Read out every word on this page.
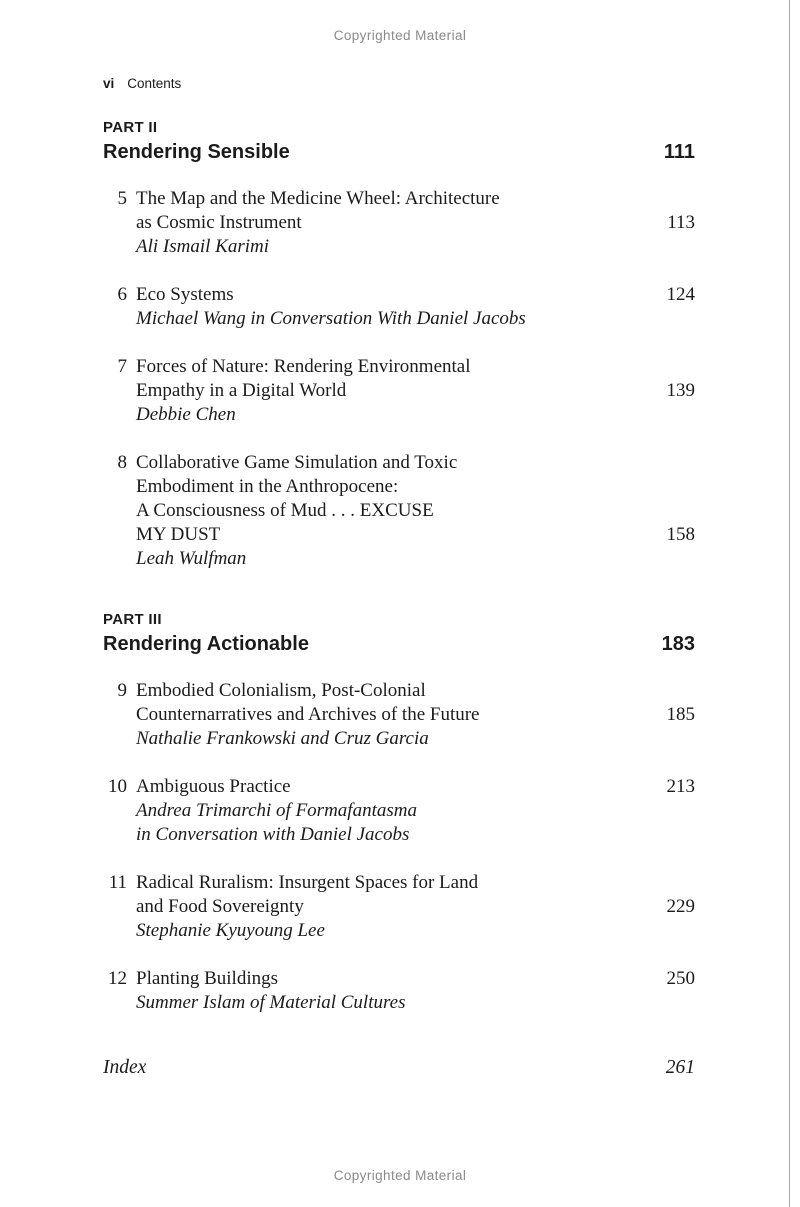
Copyrighted Material
vi Contents
PART II
Rendering Sensible	111
5 The Map and the Medicine Wheel: Architecture
as Cosmic Instrument	113
Ali Ismail Karimi
6 Eco Systems	124
Michael Wang in Conversation With Daniel Jacobs
7 Forces of Nature: Rendering Environmental
Empathy in a Digital World	139
Debbie Chen
8 Collaborative Game Simulation and Toxic
Embodiment in the Anthropocene:
A Consciousness of Mud . . . EXCUSE
MY DUST	158
Leah Wulfman
PART III
Rendering Actionable	183
9 Embodied Colonialism, Post-Colonial
Counternarratives and Archives of the Future	185
Nathalie Frankowski and Cruz Garcia
10 Ambiguous Practice	213
Andrea Trimarchi of Formafantasma
in Conversation with Daniel Jacobs
11 Radical Ruralism: Insurgent Spaces for Land
and Food Sovereignty	229
Stephanie Kyuyoung Lee
12 Planting Buildings	250
Summer Islam of Material Cultures
Index	261
Copyrighted Material
